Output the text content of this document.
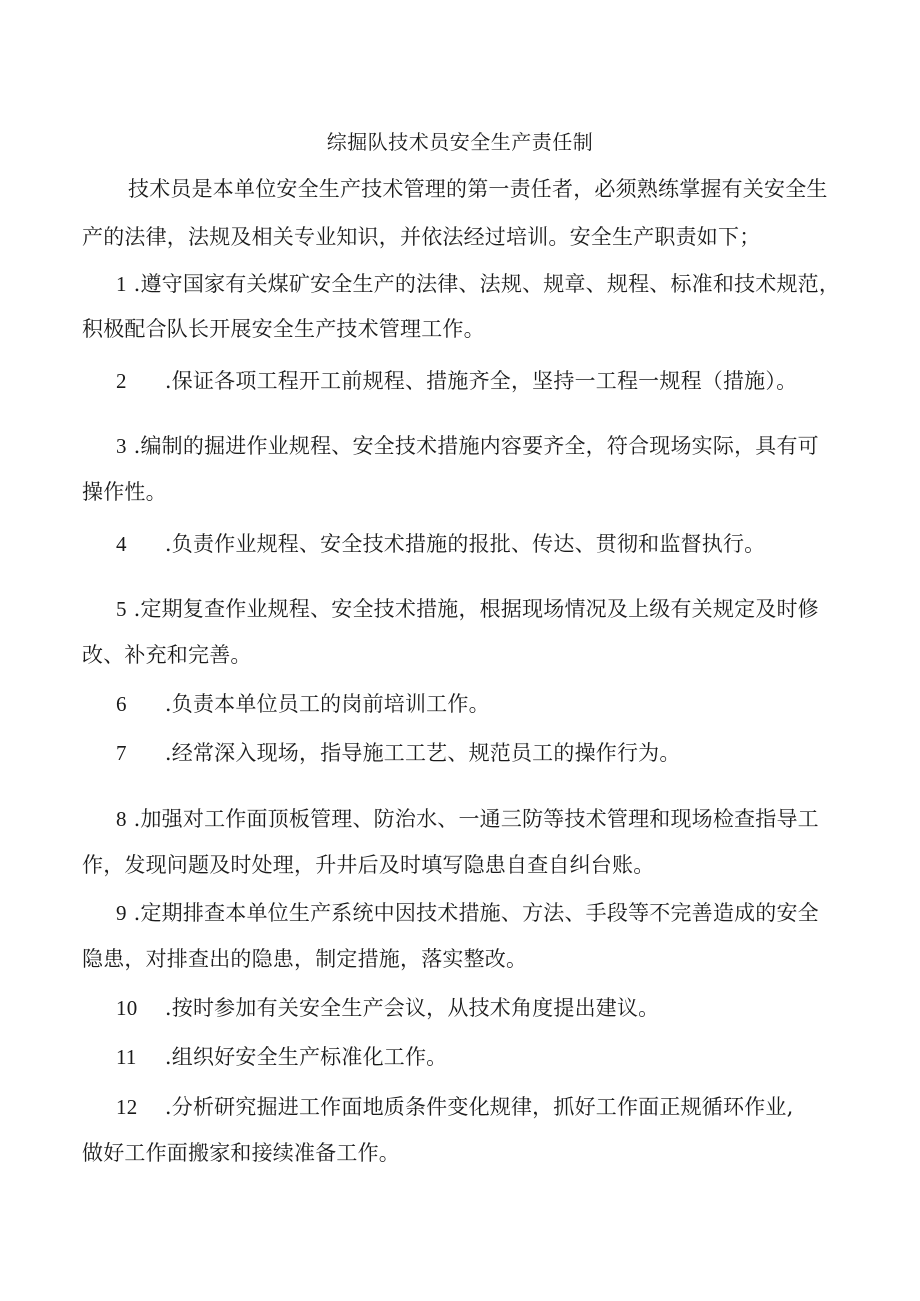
综掘队技术员安全生产责任制

技术员是本单位安全生产技术管理的第一责任者，必须熟练掌握有关安全生

产的法律，法规及相关专业知识，并依法经过培训。安全生产职责如下；

1 .遵守国家有关煤矿安全生产的法律、法规、规章、规程、标准和技术规范，

积极配合队长开展安全生产技术管理工作。

2 .保证各项工程开工前规程、措施齐全，坚持一工程一规程（措施）。

3 .编制的掘进作业规程、安全技术措施内容要齐全，符合现场实际，具有可

操作性。

4 .负责作业规程、安全技术措施的报批、传达、贯彻和监督执行。

5 .定期复查作业规程、安全技术措施，根据现场情况及上级有关规定及时修

改、补充和完善。

6 .负责本单位员工的岗前培训工作。

7 .经常深入现场，指导施工工艺、规范员工的操作行为。

8 .加强对工作面顶板管理、防治水、一通三防等技术管理和现场检查指导工

作，发现问题及时处理，升井后及时填写隐患自查自纠台账。

9 .定期排查本单位生产系统中因技术措施、方法、手段等不完善造成的安全

隐患，对排查出的隐患，制定措施，落实整改。

10 .按时参加有关安全生产会议，从技术角度提出建议。

11 .组织好安全生产标准化工作。

12 .分析研究掘进工作面地质条件变化规律，抓好工作面正规循环作业,

做好工作面搬家和接续准备工作。
